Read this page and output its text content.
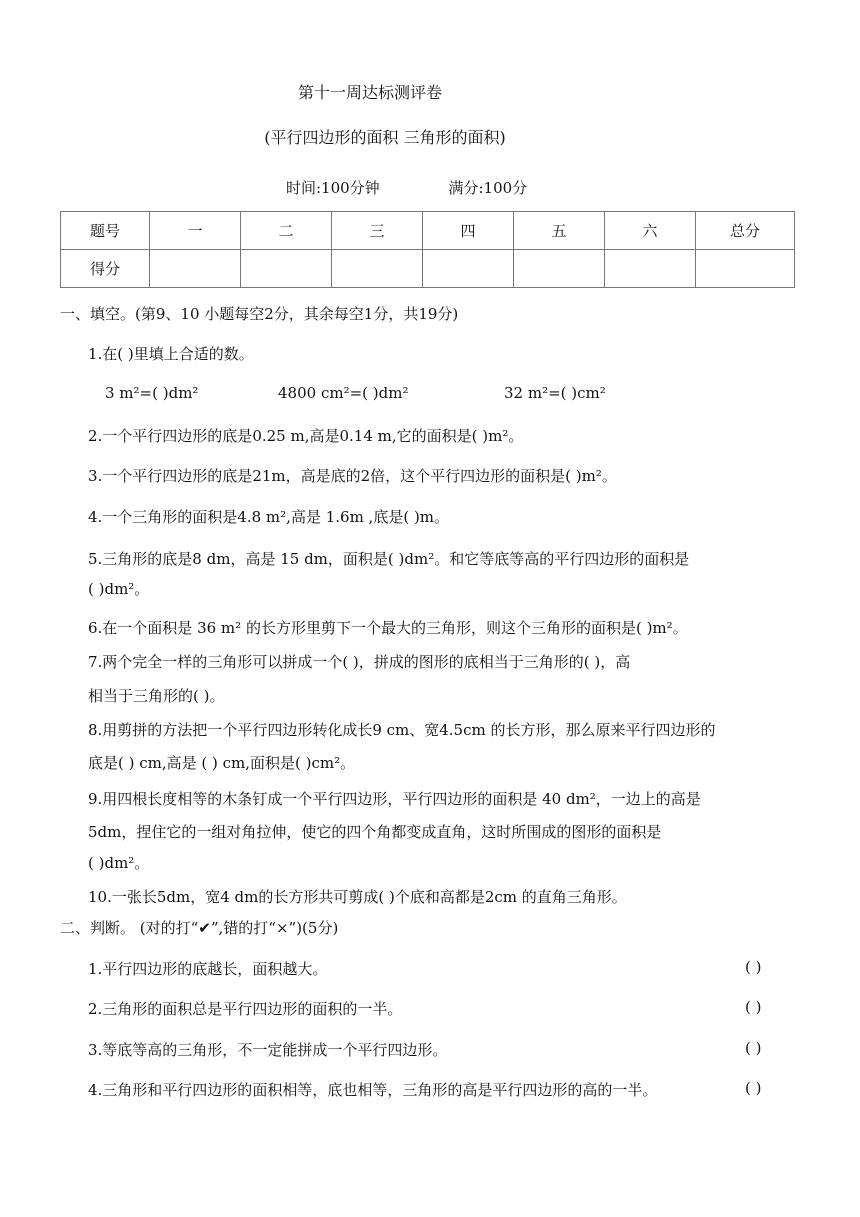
第十一周达标测评卷
(平行四边形的面积 三角形的面积)
时间:100分钟	满分:100分
题号	一	二	三	四	五	六	总分
得分							
一、填空。(第9、10 小题每空2分，其余每空1分，共19分)
1.在( )里填上合适的数。
3 m²=( )dm²	4800 cm²=( )dm²	32 m²=( )cm²
2.一个平行四边形的底是0.25 m,高是0.14 m,它的面积是( )m²。
3.一个平行四边形的底是21m，高是底的2倍，这个平行四边形的面积是( )m²。
4.一个三角形的面积是4.8 m²,高是 1.6m ,底是( )m。
5.三角形的底是8 dm，高是 15 dm，面积是( )dm²。和它等底等高的平行四边形的面积是
( )dm²。
6.在一个面积是 36 m² 的长方形里剪下一个最大的三角形，则这个三角形的面积是( )m²。
7.两个完全一样的三角形可以拼成一个( )，拼成的图形的底相当于三角形的( )，高
相当于三角形的( )。
8.用剪拼的方法把一个平行四边形转化成长9 cm、宽4.5cm 的长方形，那么原来平行四边形的
底是( ) cm,高是 ( ) cm,面积是( )cm²。
9.用四根长度相等的木条钉成一个平行四边形，平行四边形的面积是 40 dm²，一边上的高是
5dm，捏住它的一组对角拉伸，使它的四个角都变成直角，这时所围成的图形的面积是
( )dm²。
10.一张长5dm，宽4 dm的长方形共可剪成( )个底和高都是2cm 的直角三角形。
二、判断。 (对的打“✔”,错的打“×”)(5分)
1.平行四边形的底越长，面积越大。	( )
2.三角形的面积总是平行四边形的面积的一半。	( )
3.等底等高的三角形，不一定能拼成一个平行四边形。	( )
4.三角形和平行四边形的面积相等，底也相等，三角形的高是平行四边形的高的一半。	( )
